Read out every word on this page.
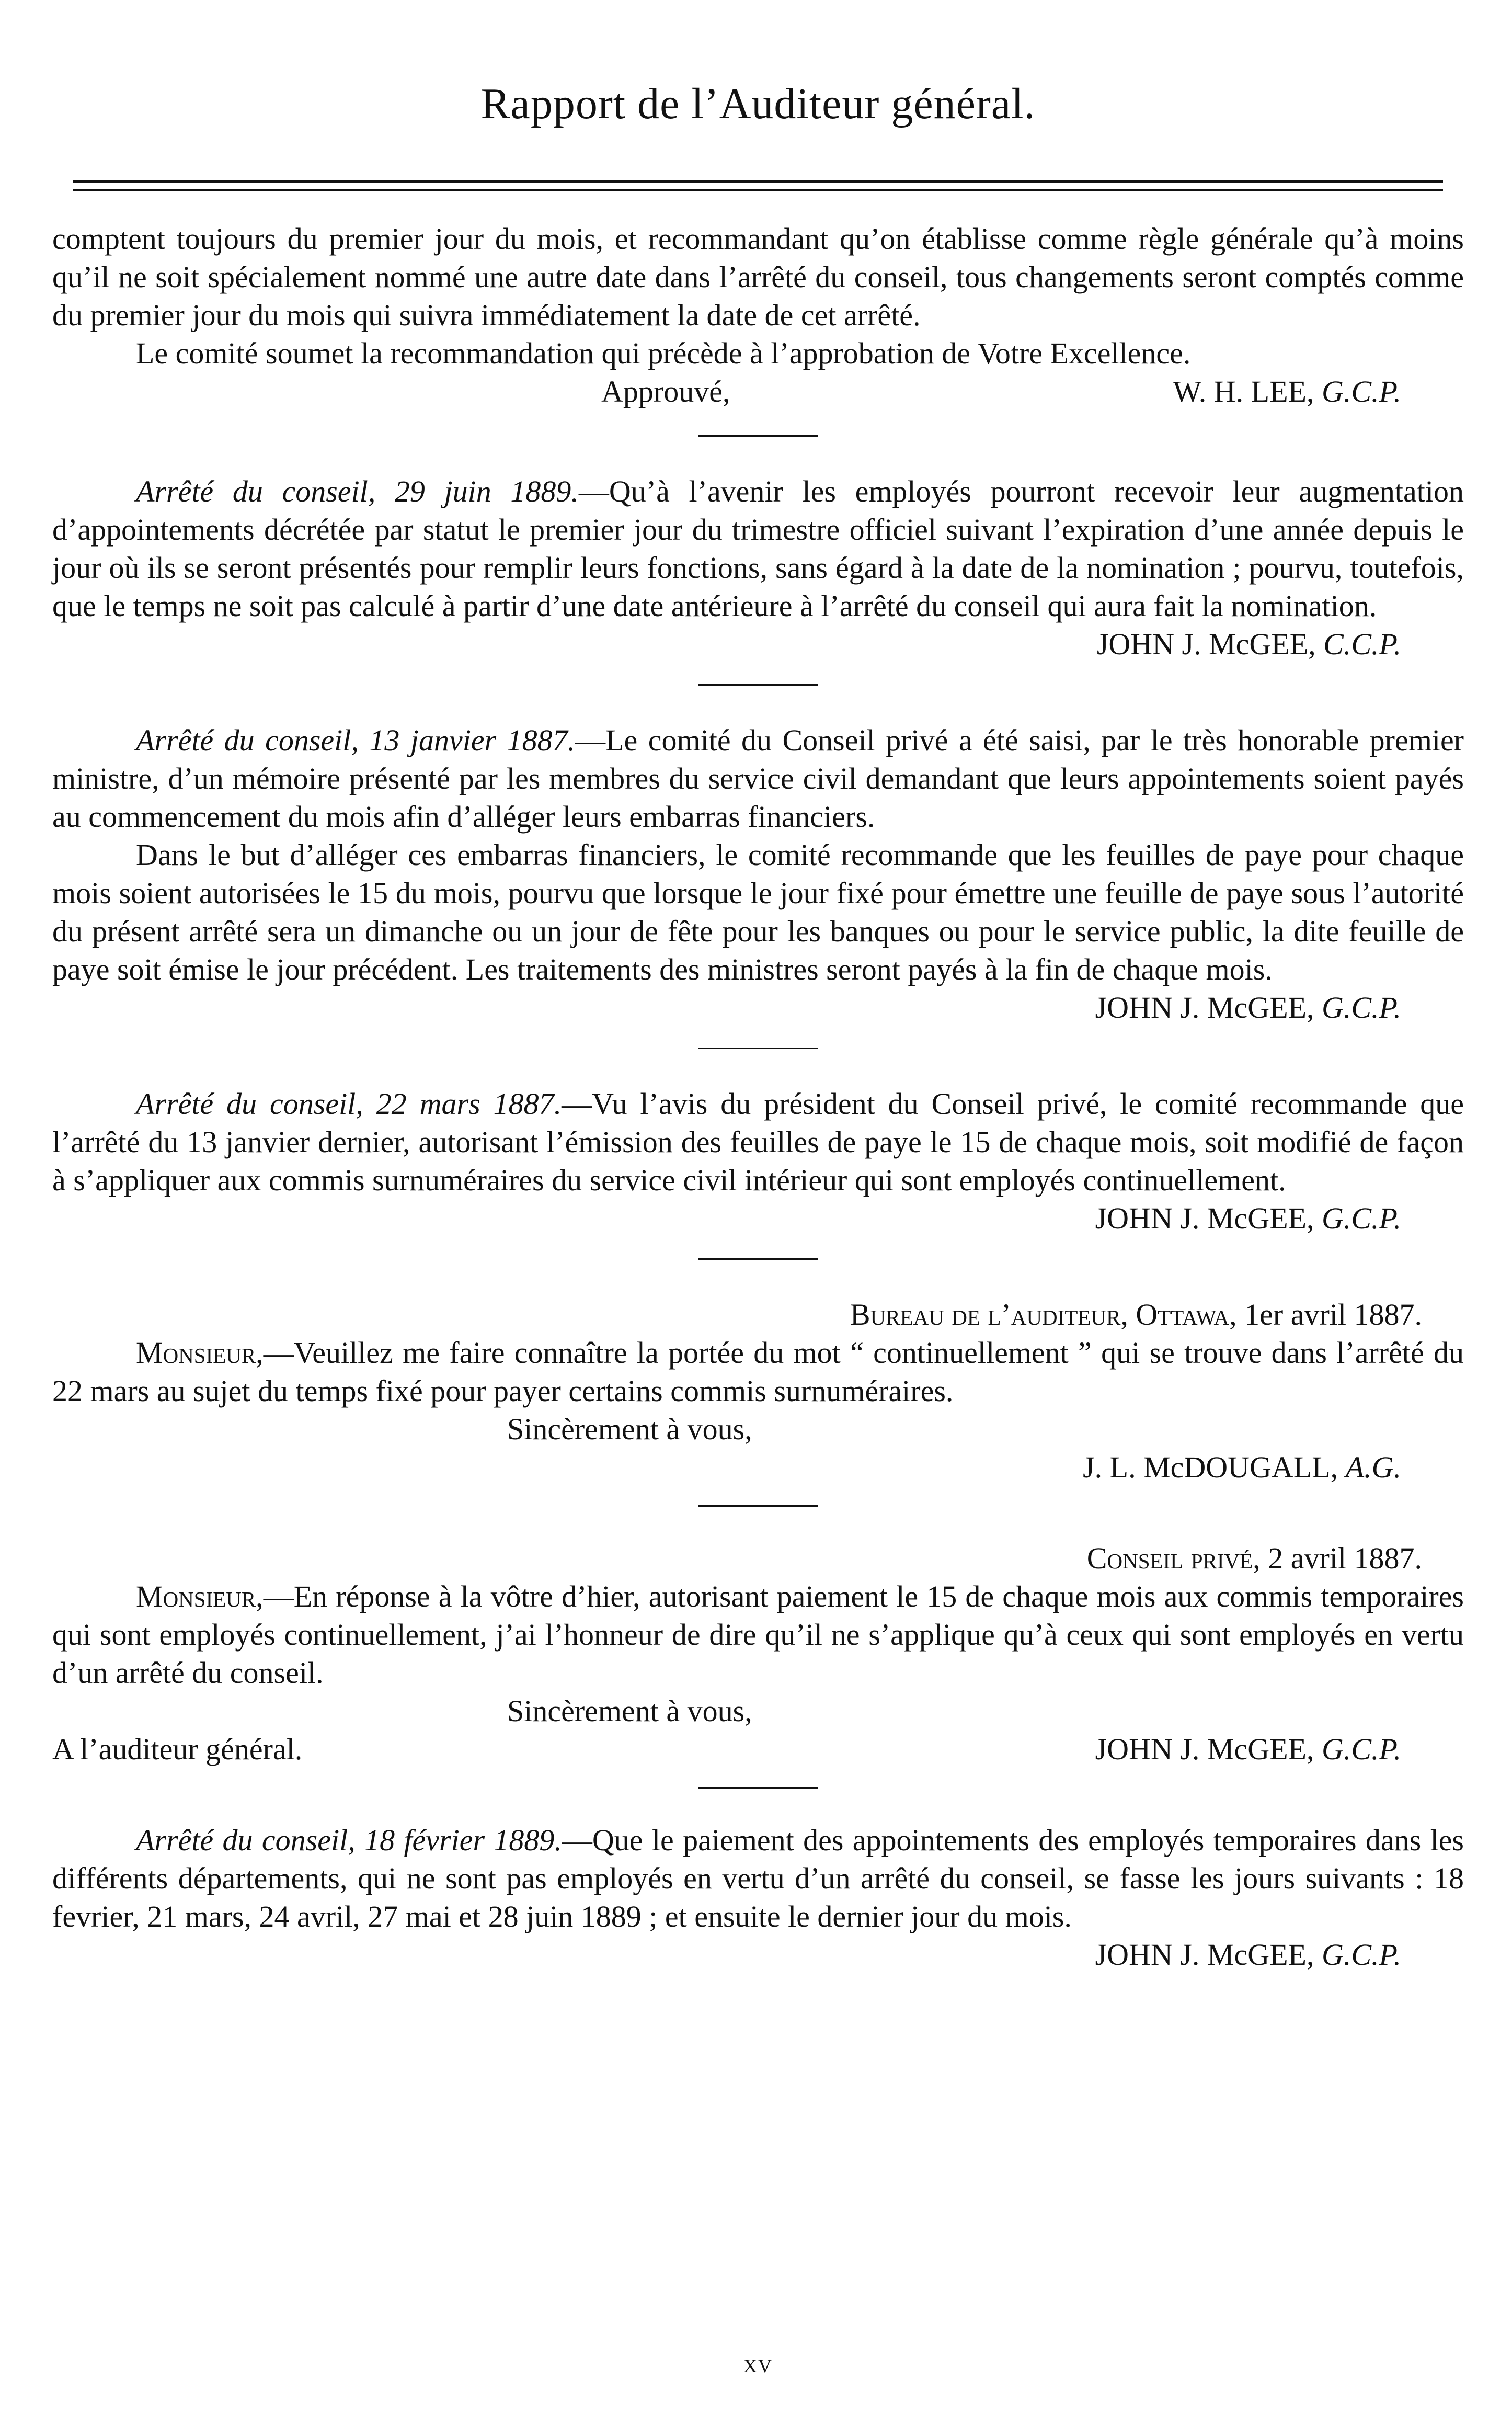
Rapport de l’Auditeur général.

comptent toujours du premier jour du mois, et recommandant qu’on établisse comme règle générale qu’à moins qu’il ne soit spécialement nommé une autre date dans l’arrêté du conseil, tous changements seront comptés comme du premier jour du mois qui suivra immédiatement la date de cet arrêté.

Le comité soumet la recommandation qui précède à l’approbation de Votre Excellence.

Approuvé,	W. H. LEE, G.C.P.

Arrêté du conseil, 29 juin 1889.—Qu’à l’avenir les employés pourront recevoir leur augmentation d’appointements décrétée par statut le premier jour du trimestre officiel suivant l’expiration d’une année depuis le jour où ils se seront présentés pour remplir leurs fonctions, sans égard à la date de la nomination ; pourvu, toutefois, que le temps ne soit pas calculé à partir d’une date antérieure à l’arrêté du conseil qui aura fait la nomination.

JOHN J. McGEE, C.C.P.

Arrêté du conseil, 13 janvier 1887.—Le comité du Conseil privé a été saisi, par le très honorable premier ministre, d’un mémoire présenté par les membres du service civil demandant que leurs appointements soient payés au commencement du mois afin d’alléger leurs embarras financiers.

Dans le but d’alléger ces embarras financiers, le comité recommande que les feuilles de paye pour chaque mois soient autorisées le 15 du mois, pourvu que lorsque le jour fixé pour émettre une feuille de paye sous l’autorité du présent arrêté sera un dimanche ou un jour de fête pour les banques ou pour le service public, la dite feuille de paye soit émise le jour précédent. Les traitements des ministres seront payés à la fin de chaque mois.

JOHN J. McGEE, G.C.P.

Arrêté du conseil, 22 mars 1887.—Vu l’avis du président du Conseil privé, le comité recommande que l’arrêté du 13 janvier dernier, autorisant l’émission des feuilles de paye le 15 de chaque mois, soit modifié de façon à s’appliquer aux commis surnuméraires du service civil intérieur qui sont employés continuellement.

JOHN J. McGEE, G.C.P.

Bureau de l’auditeur, Ottawa, 1er avril 1887.

Monsieur,—Veuillez me faire connaître la portée du mot “ continuellement ” qui se trouve dans l’arrêté du 22 mars au sujet du temps fixé pour payer certains commis surnuméraires.

Sincèrement à vous,

J. L. McDOUGALL, A.G.

Conseil privé, 2 avril 1887.

Monsieur,—En réponse à la vôtre d’hier, autorisant paiement le 15 de chaque mois aux commis temporaires qui sont employés continuellement, j’ai l’honneur de dire qu’il ne s’applique qu’à ceux qui sont employés en vertu d’un arrêté du conseil.

Sincèrement à vous,

A l’auditeur général.	JOHN J. McGEE, G.C.P.

Arrêté du conseil, 18 février 1889.—Que le paiement des appointements des employés temporaires dans les différents départements, qui ne sont pas employés en vertu d’un arrêté du conseil, se fasse les jours suivants : 18 fevrier, 21 mars, 24 avril, 27 mai et 28 juin 1889 ; et ensuite le dernier jour du mois.

JOHN J. McGEE, G.C.P.

xv
